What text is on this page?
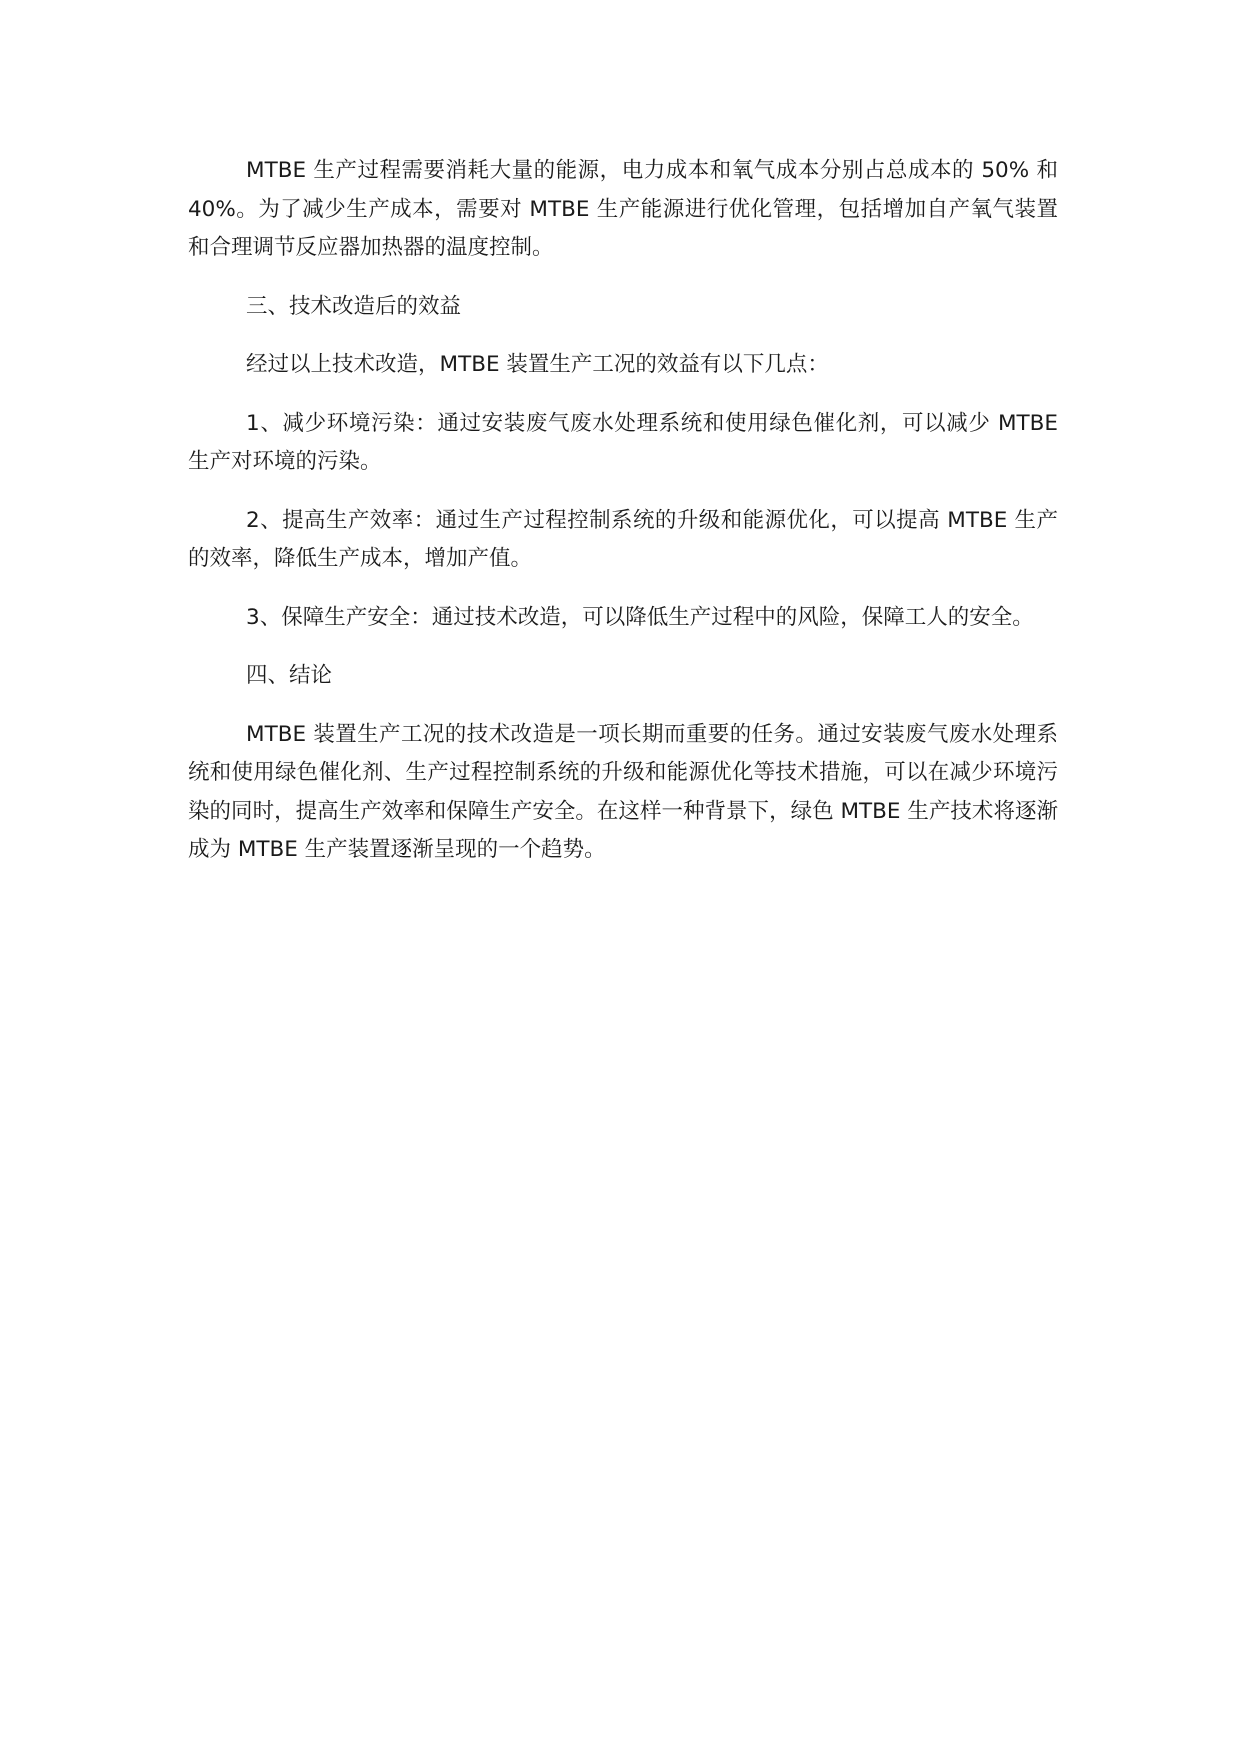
MTBE 生产过程需要消耗大量的能源，电力成本和氧气成本分别占总成本的 50% 和 40%。为了减少生产成本，需要对 MTBE 生产能源进行优化管理，包括增加自产氧气装置和合理调节反应器加热器的温度控制。

三、技术改造后的效益

经过以上技术改造，MTBE 装置生产工况的效益有以下几点：

1、减少环境污染：通过安装废气废水处理系统和使用绿色催化剂，可以减少 MTBE 生产对环境的污染。

2、提高生产效率：通过生产过程控制系统的升级和能源优化，可以提高 MTBE 生产的效率，降低生产成本，增加产值。

3、保障生产安全：通过技术改造，可以降低生产过程中的风险，保障工人的安全。

四、结论

MTBE 装置生产工况的技术改造是一项长期而重要的任务。通过安装废气废水处理系统和使用绿色催化剂、生产过程控制系统的升级和能源优化等技术措施，可以在减少环境污染的同时，提高生产效率和保障生产安全。在这样一种背景下，绿色 MTBE 生产技术将逐渐成为 MTBE 生产装置逐渐呈现的一个趋势。
